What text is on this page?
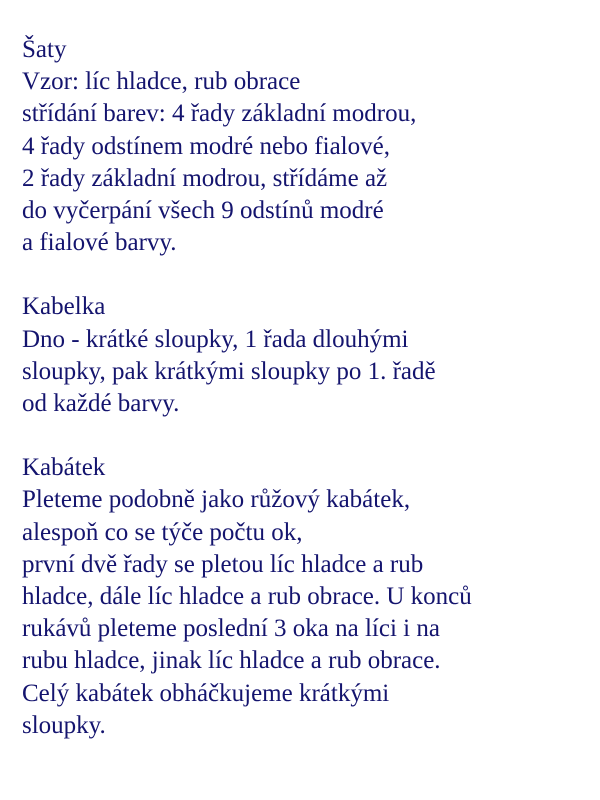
Šaty
Vzor: líc hladce, rub obrace
střídání barev: 4 řady základní modrou,
4 řady odstínem modré nebo fialové,
2 řady základní modrou, střídáme až
do vyčerpání všech 9 odstínů modré
a fialové barvy.
Kabelka
Dno - krátké sloupky, 1 řada dlouhými
sloupky, pak krátkými sloupky po 1. řadě
od každé barvy.
Kabátek
Pleteme podobně jako růžový kabátek,
alespoň co se týče počtu ok,
první dvě řady se pletou líc hladce a rub
hladce, dále líc hladce a rub obrace. U konců
rukávů pleteme poslední 3 oka na líci i na
rubu hladce, jinak líc hladce a rub obrace.
Celý kabátek obháčkujeme krátkými
sloupky.
